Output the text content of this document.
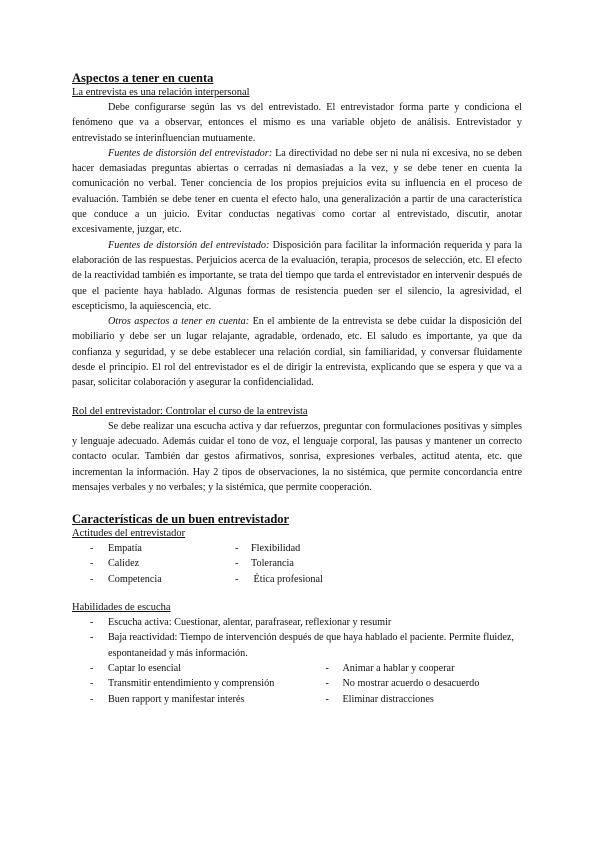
Aspectos a tener en cuenta

La entrevista es una relación interpersonal

Debe configurarse según las vs del entrevistado. El entrevistador forma parte y condiciona el fenómeno que va a observar, entonces el mismo es una variable objeto de análisis. Entrevistador y entrevistado se interinfluencian mutuamente.

Fuentes de distorsión del entrevistador: La directividad no debe ser ni nula ni excesiva, no se deben hacer demasiadas preguntas abiertas o cerradas ni demasiadas a la vez, y se debe tener en cuenta la comunicación no verbal. Tener conciencia de los propios prejuicios evita su influencia en el proceso de evaluación. También se debe tener en cuenta el efecto halo, una generalización a partir de una característica que conduce a un juicio. Evitar conductas negativas como cortar al entrevistado, discutir, anotar excesivamente, juzgar, etc.

Fuentes de distorsión del entrevistado: Disposición para facilitar la información requerida y para la elaboración de las respuestas. Perjuicios acerca de la evaluación, terapia, procesos de selección, etc. El efecto de la reactividad también es importante, se trata del tiempo que tarda el entrevistador en intervenir después de que el paciente haya hablado. Algunas formas de resistencia pueden ser el silencio, la agresividad, el escepticismo, la aquiescencia, etc.

Otros aspectos a tener en cuenta: En el ambiente de la entrevista se debe cuidar la disposición del mobiliario y debe ser un lugar relajante, agradable, ordenado, etc. El saludo es importante, ya que da confianza y seguridad, y se debe establecer una relación cordial, sin familiaridad, y conversar fluidamente desde el principio. El rol del entrevistador es el de dirigir la entrevista, explicando que se espera y que va a pasar, solicitar colaboración y asegurar la confidencialidad.

Rol del entrevistador: Controlar el curso de la entrevista

Se debe realizar una escucha activa y dar refuerzos, preguntar con formulaciones positivas y simples y lenguaje adecuado. Además cuidar el tono de voz, el lenguaje corporal, las pausas y mantener un correcto contacto ocular. También dar gestos afirmativos, sonrisa, expresiones verbales, actitud atenta, etc. que incrementan la información. Hay 2 tipos de observaciones, la no sistémica, que permite concordancia entre mensajes verbales y no verbales; y la sistémica, que permite cooperación.

Características de un buen entrevistador

Actitudes del entrevistador

- Empatía	- Flexibilidad
- Calidez	- Tolerancia
- Competencia	- Ética profesional

Habilidades de escucha

- Escucha activa: Cuestionar, alentar, parafrasear, reflexionar y resumir
- Baja reactividad: Tiempo de intervención después de que haya hablado el paciente. Permite fluidez, espontaneidad y más información.
- Captar lo esencial	- Animar a hablar y cooperar
- Transmitir entendimiento y comprensión	- No mostrar acuerdo o desacuerdo
- Buen rapport y manifestar interés	- Eliminar distracciones
